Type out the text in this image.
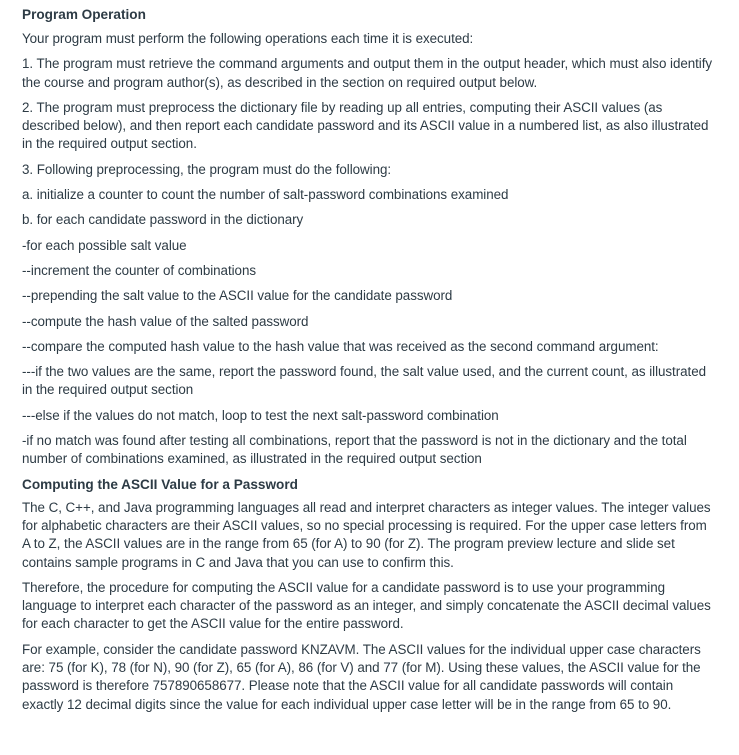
Program Operation

Your program must perform the following operations each time it is executed:

1. The program must retrieve the command arguments and output them in the output header, which must also identify the course and program author(s), as described in the section on required output below.

2. The program must preprocess the dictionary file by reading up all entries, computing their ASCII values (as described below), and then report each candidate password and its ASCII value in a numbered list, as also illustrated in the required output section.

3. Following preprocessing, the program must do the following:

a. initialize a counter to count the number of salt-password combinations examined

b. for each candidate password in the dictionary

-for each possible salt value

--increment the counter of combinations

--prepending the salt value to the ASCII value for the candidate password

--compute the hash value of the salted password

--compare the computed hash value to the hash value that was received as the second command argument:

---if the two values are the same, report the password found, the salt value used, and the current count, as illustrated in the required output section

---else if the values do not match, loop to test the next salt-password combination

-if no match was found after testing all combinations, report that the password is not in the dictionary and the total number of combinations examined, as illustrated in the required output section

Computing the ASCII Value for a Password

The C, C++, and Java programming languages all read and interpret characters as integer values. The integer values for alphabetic characters are their ASCII values, so no special processing is required. For the upper case letters from A to Z, the ASCII values are in the range from 65 (for A) to 90 (for Z). The program preview lecture and slide set contains sample programs in C and Java that you can use to confirm this.

Therefore, the procedure for computing the ASCII value for a candidate password is to use your programming language to interpret each character of the password as an integer, and simply concatenate the ASCII decimal values for each character to get the ASCII value for the entire password.

For example, consider the candidate password KNZAVM. The ASCII values for the individual upper case characters are: 75 (for K), 78 (for N), 90 (for Z), 65 (for A), 86 (for V) and 77 (for M). Using these values, the ASCII value for the password is therefore 757890658677. Please note that the ASCII value for all candidate passwords will contain exactly 12 decimal digits since the value for each individual upper case letter will be in the range from 65 to 90.
